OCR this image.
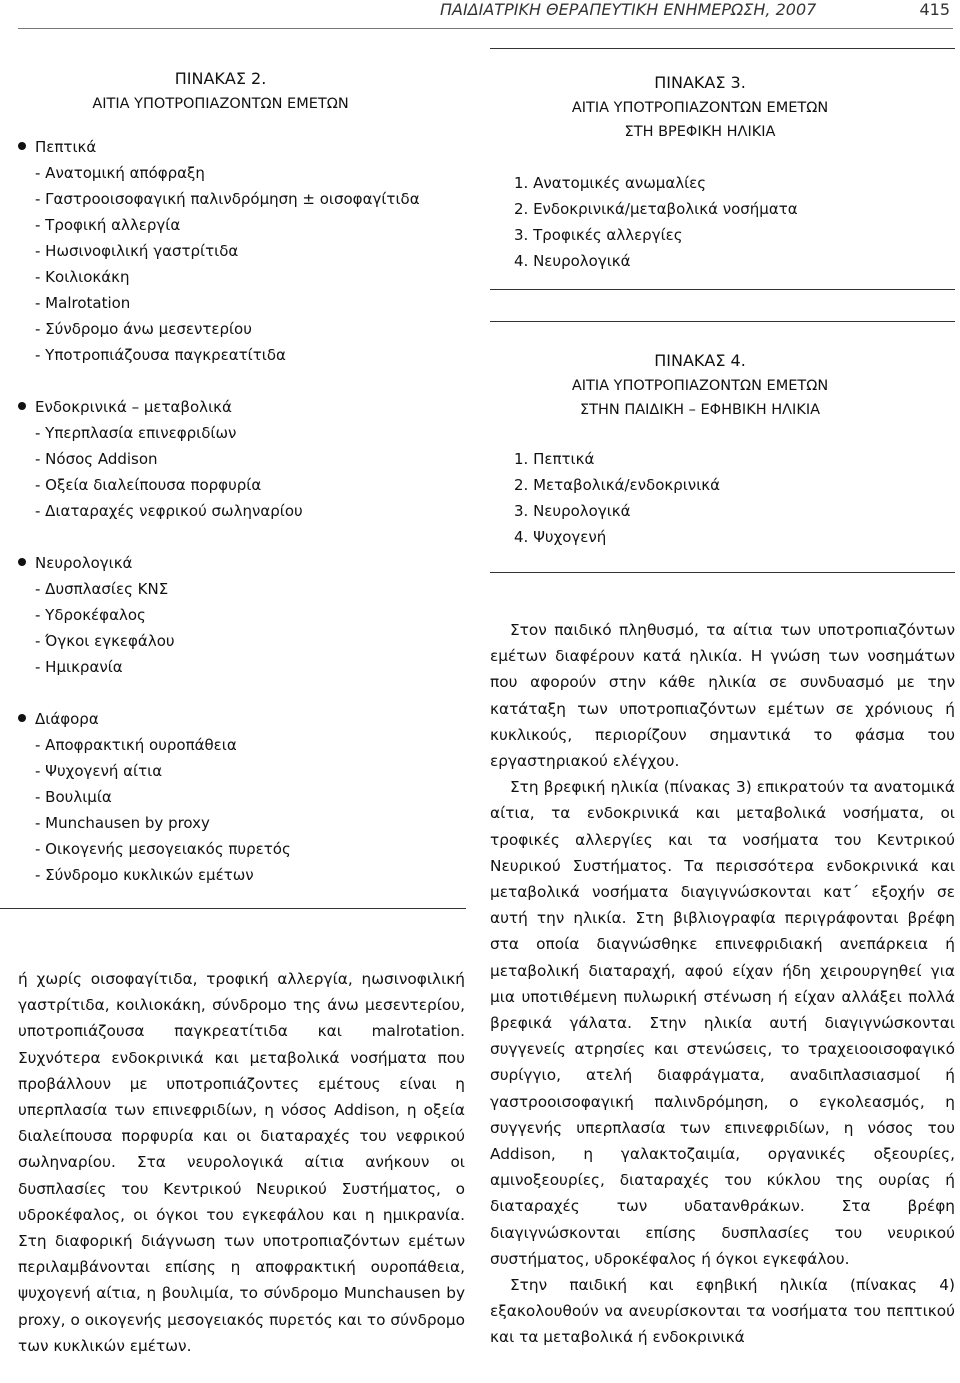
ΠΑΙΔΙΑΤΡΙΚΗ ΘΕΡΑΠΕΥΤΙΚΗ ΕΝΗΜΕΡΩΣΗ, 2007	415
ΠΙΝΑΚΑΣ 2.
ΑΙΤΙΑ ΥΠΟΤΡΟΠΙΑΖΟΝΤΩΝ ΕΜΕΤΩΝ
Πεπτικά
- Ανατομική απόφραξη
- Γαστροοισοφαγική παλινδρόμηση ± οισοφαγίτιδα
- Τροφική αλλεργία
- Ηωσινοφιλική γαστρίτιδα
- Κοιλιοκάκη
- Malrotation
- Σύνδρομο άνω μεσεντερίου
- Υποτροπιάζουσα παγκρεατίτιδα
Ενδοκρινικά – μεταβολικά
- Υπερπλασία επινεφριδίων
- Νόσος Addison
- Οξεία διαλείπουσα πορφυρία
- Διαταραχές νεφρικού σωληναρίου
Νευρολογικά
- Δυσπλασίες ΚΝΣ
- Υδροκέφαλος
- Όγκοι εγκεφάλου
- Ημικρανία
Διάφορα
- Αποφρακτική ουροπάθεια
- Ψυχογενή αίτια
- Βουλιμία
- Munchausen by proxy
- Οικογενής μεσογειακός πυρετός
- Σύνδρομο κυκλικών εμέτων

ή χωρίς οισοφαγίτιδα, τροφική αλλεργία, ηωσινοφιλική γαστρίτιδα, κοιλιοκάκη, σύνδρομο της άνω μεσεντερίου, υποτροπιάζουσα παγκρεατίτιδα και malrotation. Συχνότερα ενδοκρινικά και μεταβολικά νοσήματα που προβάλλουν με υποτροπιάζοντες εμέτους είναι η υπερπλασία των επινεφριδίων, η νόσος Addison, η οξεία διαλείπουσα πορφυρία και οι διαταραχές του νεφρικού σωληναρίου. Στα νευρολογικά αίτια ανήκουν οι δυσπλασίες του Κεντρικού Νευρικού Συστήματος, ο υδροκέφαλος, οι όγκοι του εγκεφάλου και η ημικρανία. Στη διαφορική διάγνωση των υποτροπιαζόντων εμέτων περιλαμβάνονται επίσης η αποφρακτική ουροπάθεια, ψυχογενή αίτια, η βουλιμία, το σύνδρομο Munchausen by proxy, ο οικογενής μεσογειακός πυρετός και το σύνδρομο των κυκλικών εμέτων.

ΠΙΝΑΚΑΣ 3.
ΑΙΤΙΑ ΥΠΟΤΡΟΠΙΑΖΟΝΤΩΝ ΕΜΕΤΩΝ
ΣΤΗ ΒΡΕΦΙΚΗ ΗΛΙΚΙΑ
1. Ανατομικές ανωμαλίες
2. Ενδοκρινικά/μεταβολικά νοσήματα
3. Τροφικές αλλεργίες
4. Νευρολογικά
ΠΙΝΑΚΑΣ 4.
ΑΙΤΙΑ ΥΠΟΤΡΟΠΙΑΖΟΝΤΩΝ ΕΜΕΤΩΝ
ΣΤΗΝ ΠΑΙΔΙΚΗ – ΕΦΗΒΙΚΗ ΗΛΙΚΙΑ
1. Πεπτικά
2. Μεταβολικά/ενδοκρινικά
3. Νευρολογικά
4. Ψυχογενή

Στον παιδικό πληθυσμό, τα αίτια των υποτροπιαζόντων εμέτων διαφέρουν κατά ηλικία. Η γνώση των νοσημάτων που αφορούν στην κάθε ηλικία σε συνδυασμό με την κατάταξη των υποτροπιαζόντων εμέτων σε χρόνιους ή κυκλικούς, περιορίζουν σημαντικά το φάσμα του εργαστηριακού ελέγχου.

Στη βρεφική ηλικία (πίνακας 3) επικρατούν τα ανατομικά αίτια, τα ενδοκρινικά και μεταβολικά νοσήματα, οι τροφικές αλλεργίες και τα νοσήματα του Κεντρικού Νευρικού Συστήματος. Τα περισσότερα ενδοκρινικά και μεταβολικά νοσήματα διαγιγνώσκονται κατ΄ εξοχήν σε αυτή την ηλικία. Στη βιβλιογραφία περιγράφονται βρέφη στα οποία διαγνώσθηκε επινεφριδιακή ανεπάρκεια ή μεταβολική διαταραχή, αφού είχαν ήδη χειρουργηθεί για μια υποτιθέμενη πυλωρική στένωση ή είχαν αλλάξει πολλά βρεφικά γάλατα. Στην ηλικία αυτή διαγιγνώσκονται συγγενείς ατρησίες και στενώσεις, το τραχειοοισοφαγικό συρίγγιο, ατελή διαφράγματα, αναδιπλασιασμοί ή γαστροοισοφαγική παλινδρόμηση, ο εγκολεασμός, η συγγενής υπερπλασία των επινεφριδίων, η νόσος του Addison, η γαλακτοζαιμία, οργανικές οξεουρίες, αμινοξεουρίες, διαταραχές του κύκλου της ουρίας ή διαταραχές των υδατανθράκων. Στα βρέφη διαγιγνώσκονται επίσης δυσπλασίες του νευρικού συστήματος, υδροκέφαλος ή όγκοι εγκεφάλου.

Στην παιδική και εφηβική ηλικία (πίνακας 4) εξακολουθούν να ανευρίσκονται τα νοσήματα του πεπτικού και τα μεταβολικά ή ενδοκρινικά
